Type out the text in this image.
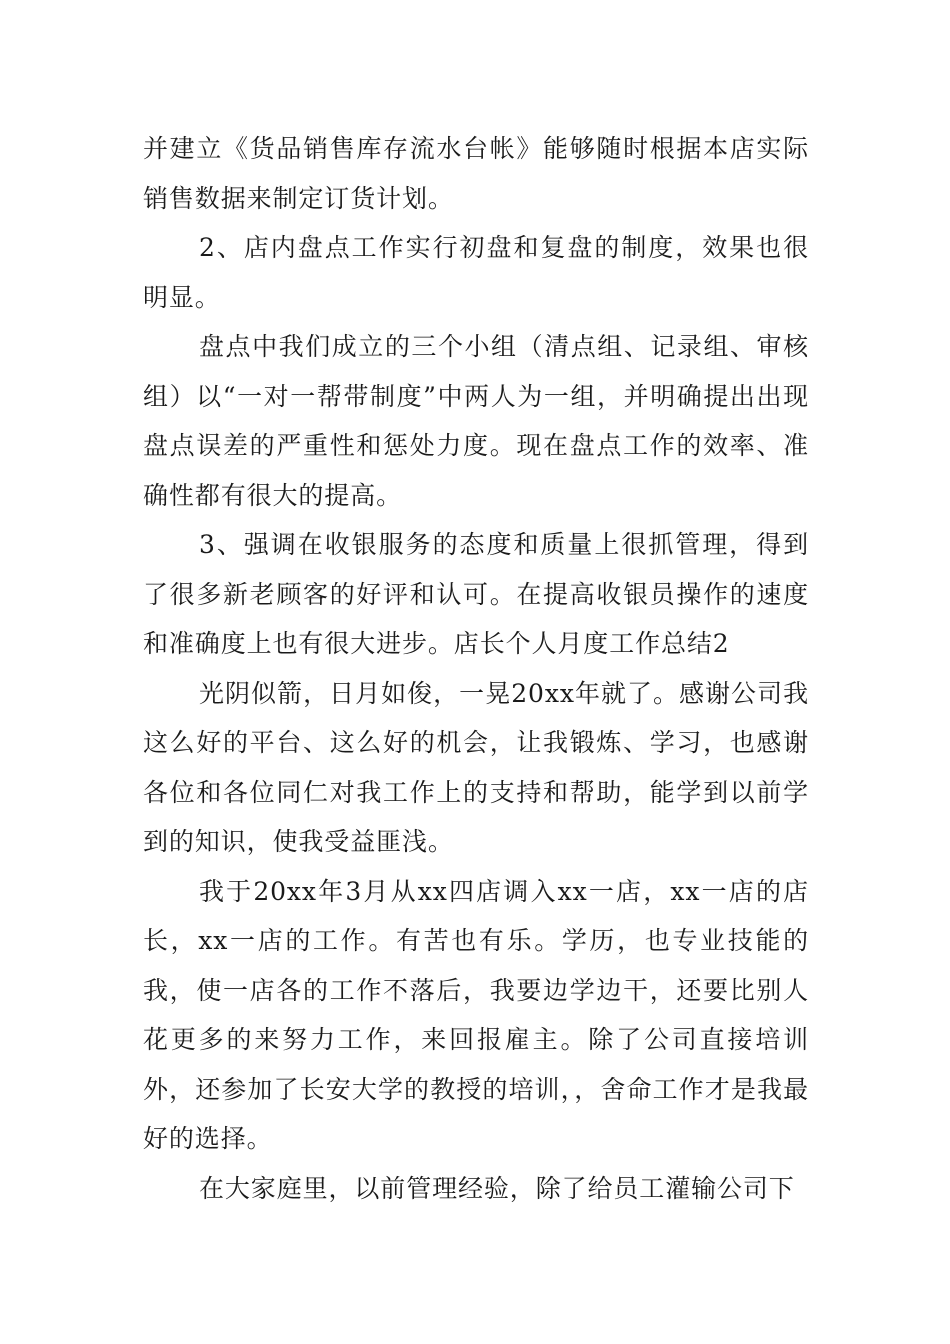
并建立《货品销售库存流水台帐》能够随时根据本店实际销售数据来制定订货计划。

2、店内盘点工作实行初盘和复盘的制度，效果也很明显。

盘点中我们成立的三个小组（清点组、记录组、审核组）以“一对一帮带制度”中两人为一组，并明确提出出现盘点误差的严重性和惩处力度。现在盘点工作的效率、准确性都有很大的提高。

3、强调在收银服务的态度和质量上很抓管理，得到了很多新老顾客的好评和认可。在提高收银员操作的速度和准确度上也有很大进步。店长个人月度工作总结2

光阴似箭，日月如俊，一晃20xx年就了。感谢公司我这么好的平台、这么好的机会，让我锻炼、学习，也感谢各位和各位同仁对我工作上的支持和帮助，能学到以前学到的知识，使我受益匪浅。

我于20xx年3月从xx四店调入xx一店，xx一店的店长，xx一店的工作。有苦也有乐。学历，也专业技能的我，使一店各的工作不落后，我要边学边干，还要比别人花更多的来努力工作，来回报雇主。除了公司直接培训外，还参加了长安大学的教授的培训，，舍命工作才是我最好的选择。

在大家庭里，以前管理经验，除了给员工灌输公司下
